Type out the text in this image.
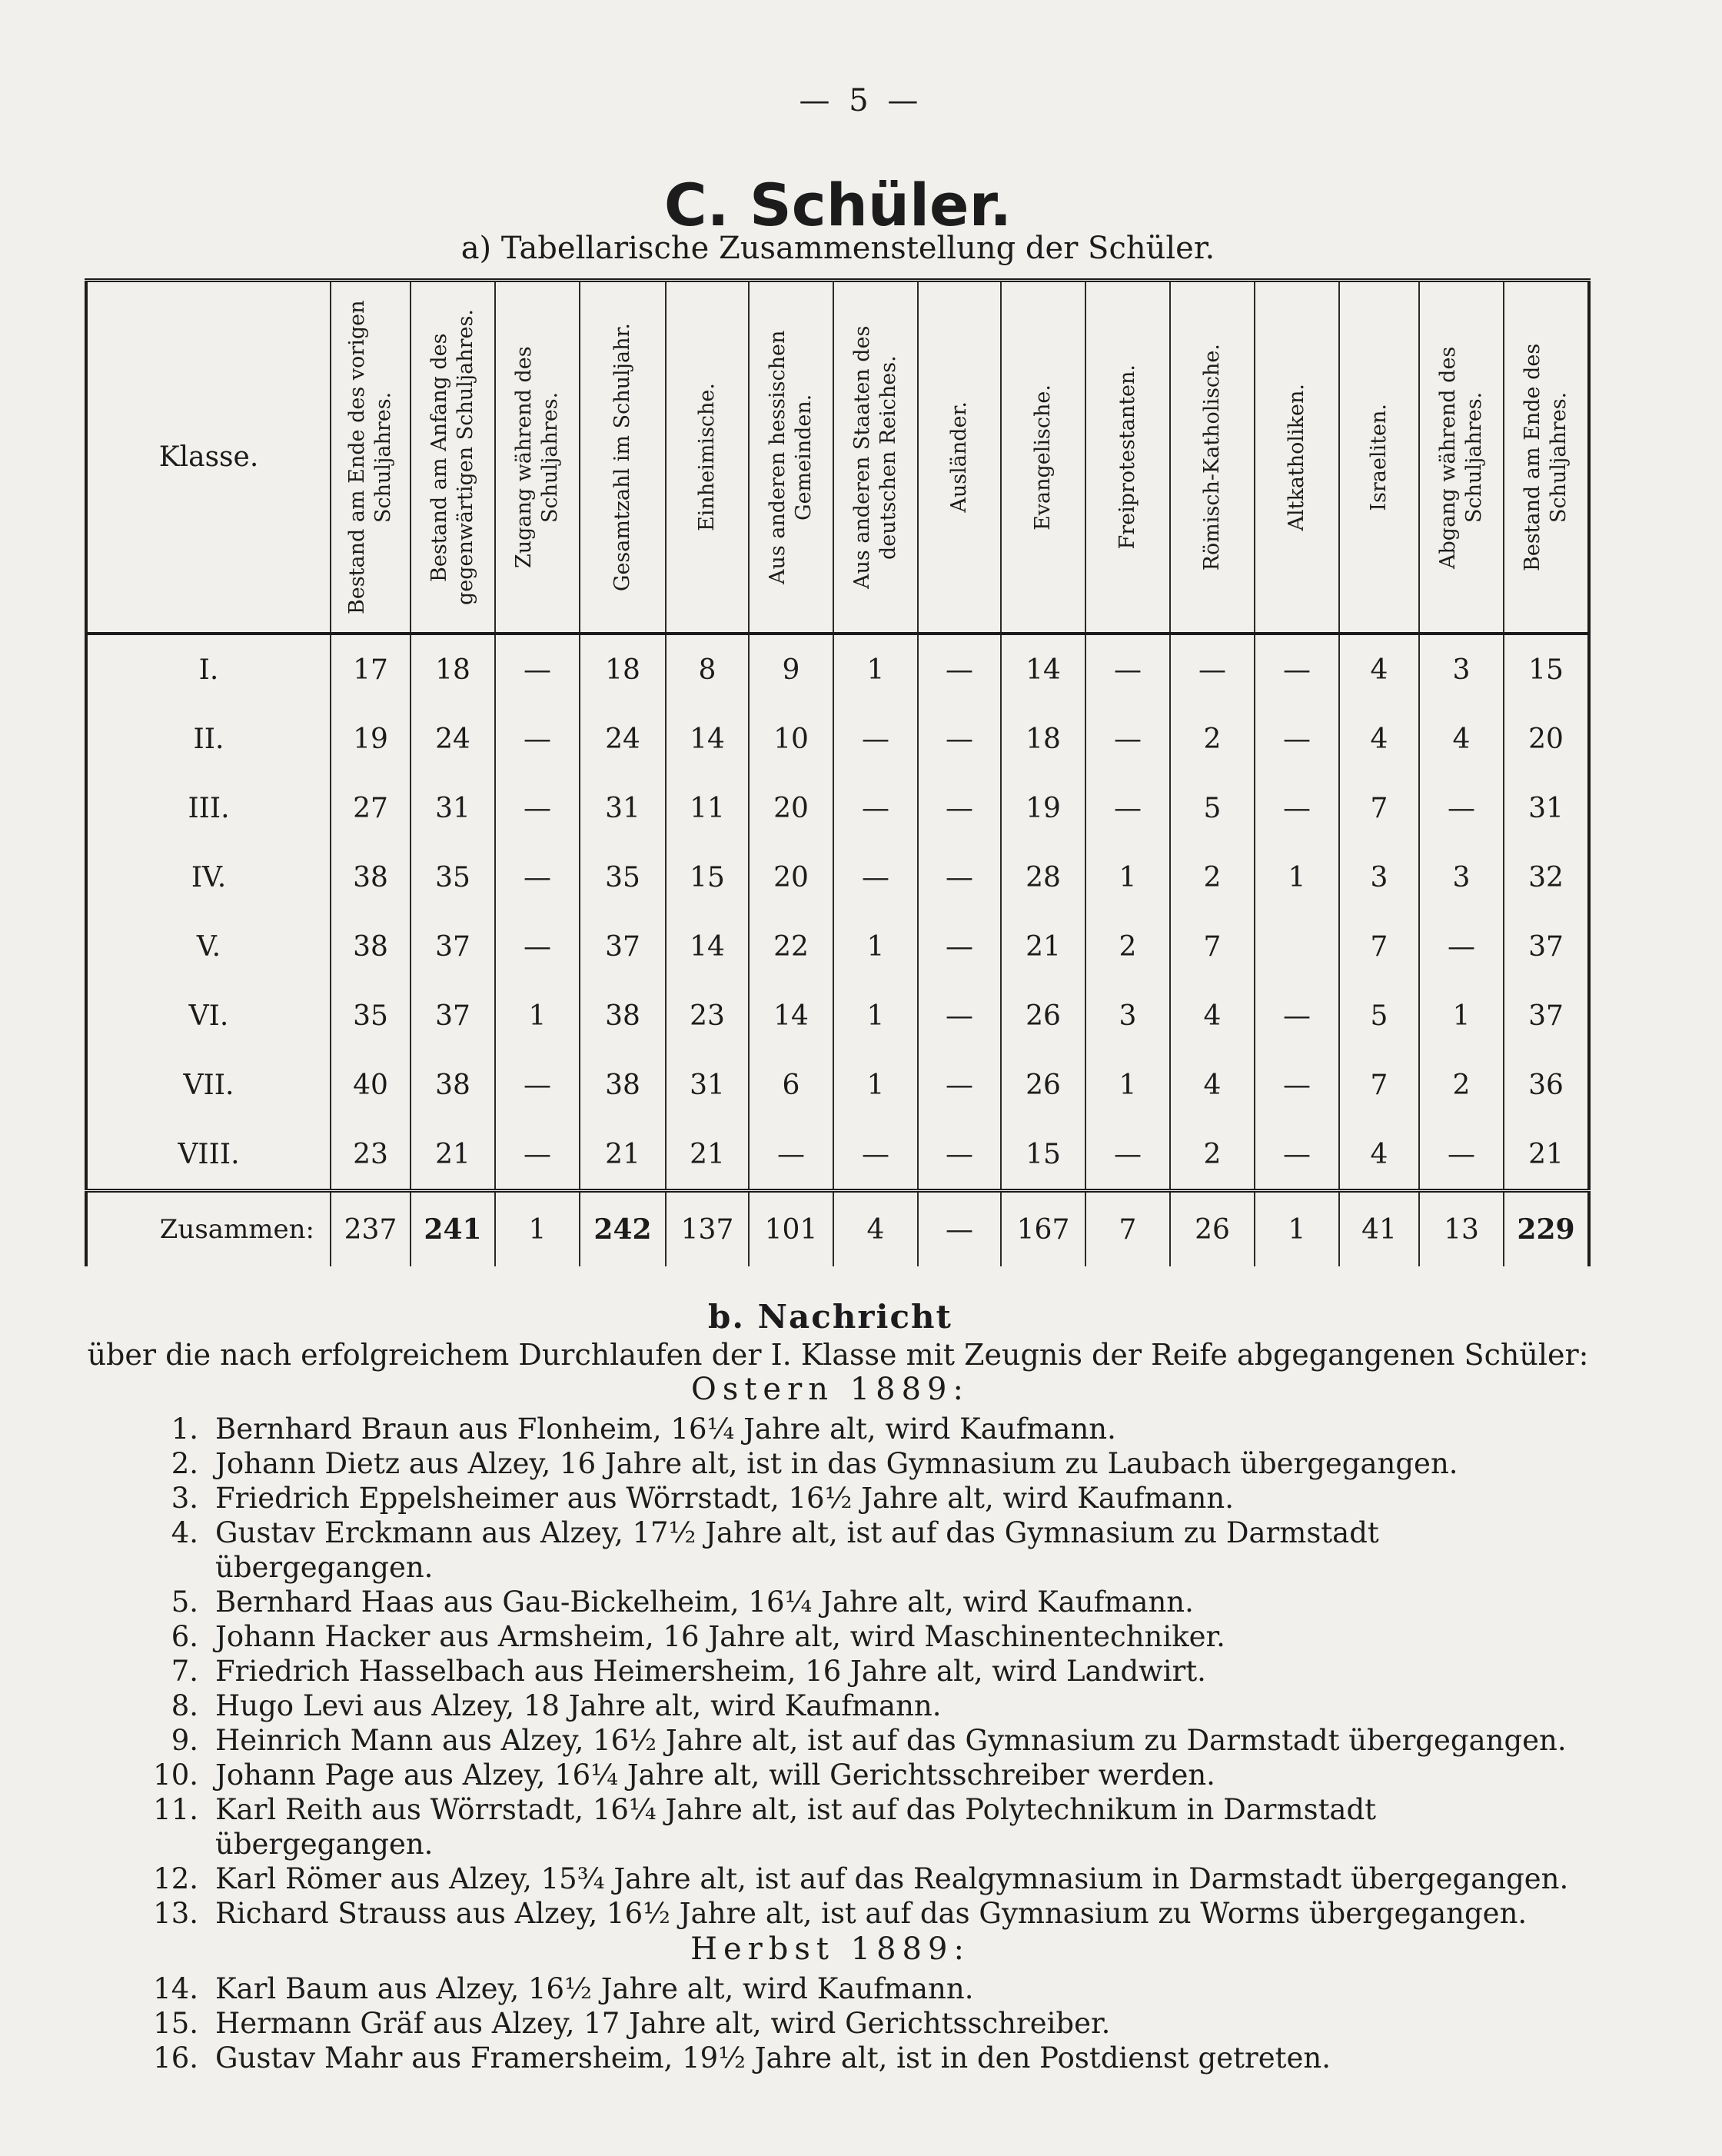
— 5 —
C. Schüler.
a) Tabellarische Zusammenstellung der Schüler.
Klasse.	Bestand am Ende des vorigen Schuljahres.	Bestand am Anfang des gegenwärtigen Schuljahres.	Zugang während des Schuljahres.	Gesamtzahl im Schuljahr.	Einheimische.	Aus anderen hessischen Gemeinden.	Aus anderen Staaten des deutschen Reiches.	Ausländer.	Evangelische.	Freiprotestanten.	Römisch-Katholische.	Altkatholiken.	Israeliten.	Abgang während des Schuljahres.	Bestand am Ende des Schuljahres.

I.	17	18	—	18	8	9	1	—	14	—	—	—	4	3	15
II.	19	24	—	24	14	10	—	—	18	—	2	—	4	4	20
III.	27	31	—	31	11	20	—	—	19	—	5	—	7	—	31
IV.	38	35	—	35	15	20	—	—	28	1	2	1	3	3	32
V.	38	37	—	37	14	22	1	—	21	2	7		7	—	37
VI.	35	37	1	38	23	14	1	—	26	3	4	—	5	1	37
VII.	40	38	—	38	31	6	1	—	26	1	4	—	7	2	36
VIII.	23	21	—	21	21	—	—	—	15	—	2	—	4	—	21
Zusammen:	237	241	1	242	137	101	4	—	167	7	26	1	41	13	229
b. Nachricht
über die nach erfolgreichem Durchlaufen der I. Klasse mit Zeugnis der Reife abgegangenen Schüler:
Ostern 1889:
1. Bernhard Braun aus Flonheim, 16¼ Jahre alt, wird Kaufmann.
2. Johann Dietz aus Alzey, 16 Jahre alt, ist in das Gymnasium zu Laubach übergegangen.
3. Friedrich Eppelsheimer aus Wörrstadt, 16½ Jahre alt, wird Kaufmann.
4. Gustav Erckmann aus Alzey, 17½ Jahre alt, ist auf das Gymnasium zu Darmstadt übergegangen.
5. Bernhard Haas aus Gau-Bickelheim, 16¼ Jahre alt, wird Kaufmann.
6. Johann Hacker aus Armsheim, 16 Jahre alt, wird Maschinentechniker.
7. Friedrich Hasselbach aus Heimersheim, 16 Jahre alt, wird Landwirt.
8. Hugo Levi aus Alzey, 18 Jahre alt, wird Kaufmann.
9. Heinrich Mann aus Alzey, 16½ Jahre alt, ist auf das Gymnasium zu Darmstadt übergegangen.
10. Johann Page aus Alzey, 16¼ Jahre alt, will Gerichtsschreiber werden.
11. Karl Reith aus Wörrstadt, 16¼ Jahre alt, ist auf das Polytechnikum in Darmstadt übergegangen.
12. Karl Römer aus Alzey, 15¾ Jahre alt, ist auf das Realgymnasium in Darmstadt übergegangen.
13. Richard Strauss aus Alzey, 16½ Jahre alt, ist auf das Gymnasium zu Worms übergegangen.
Herbst 1889:
14. Karl Baum aus Alzey, 16½ Jahre alt, wird Kaufmann.
15. Hermann Gräf aus Alzey, 17 Jahre alt, wird Gerichtsschreiber.
16. Gustav Mahr aus Framersheim, 19½ Jahre alt, ist in den Postdienst getreten.
